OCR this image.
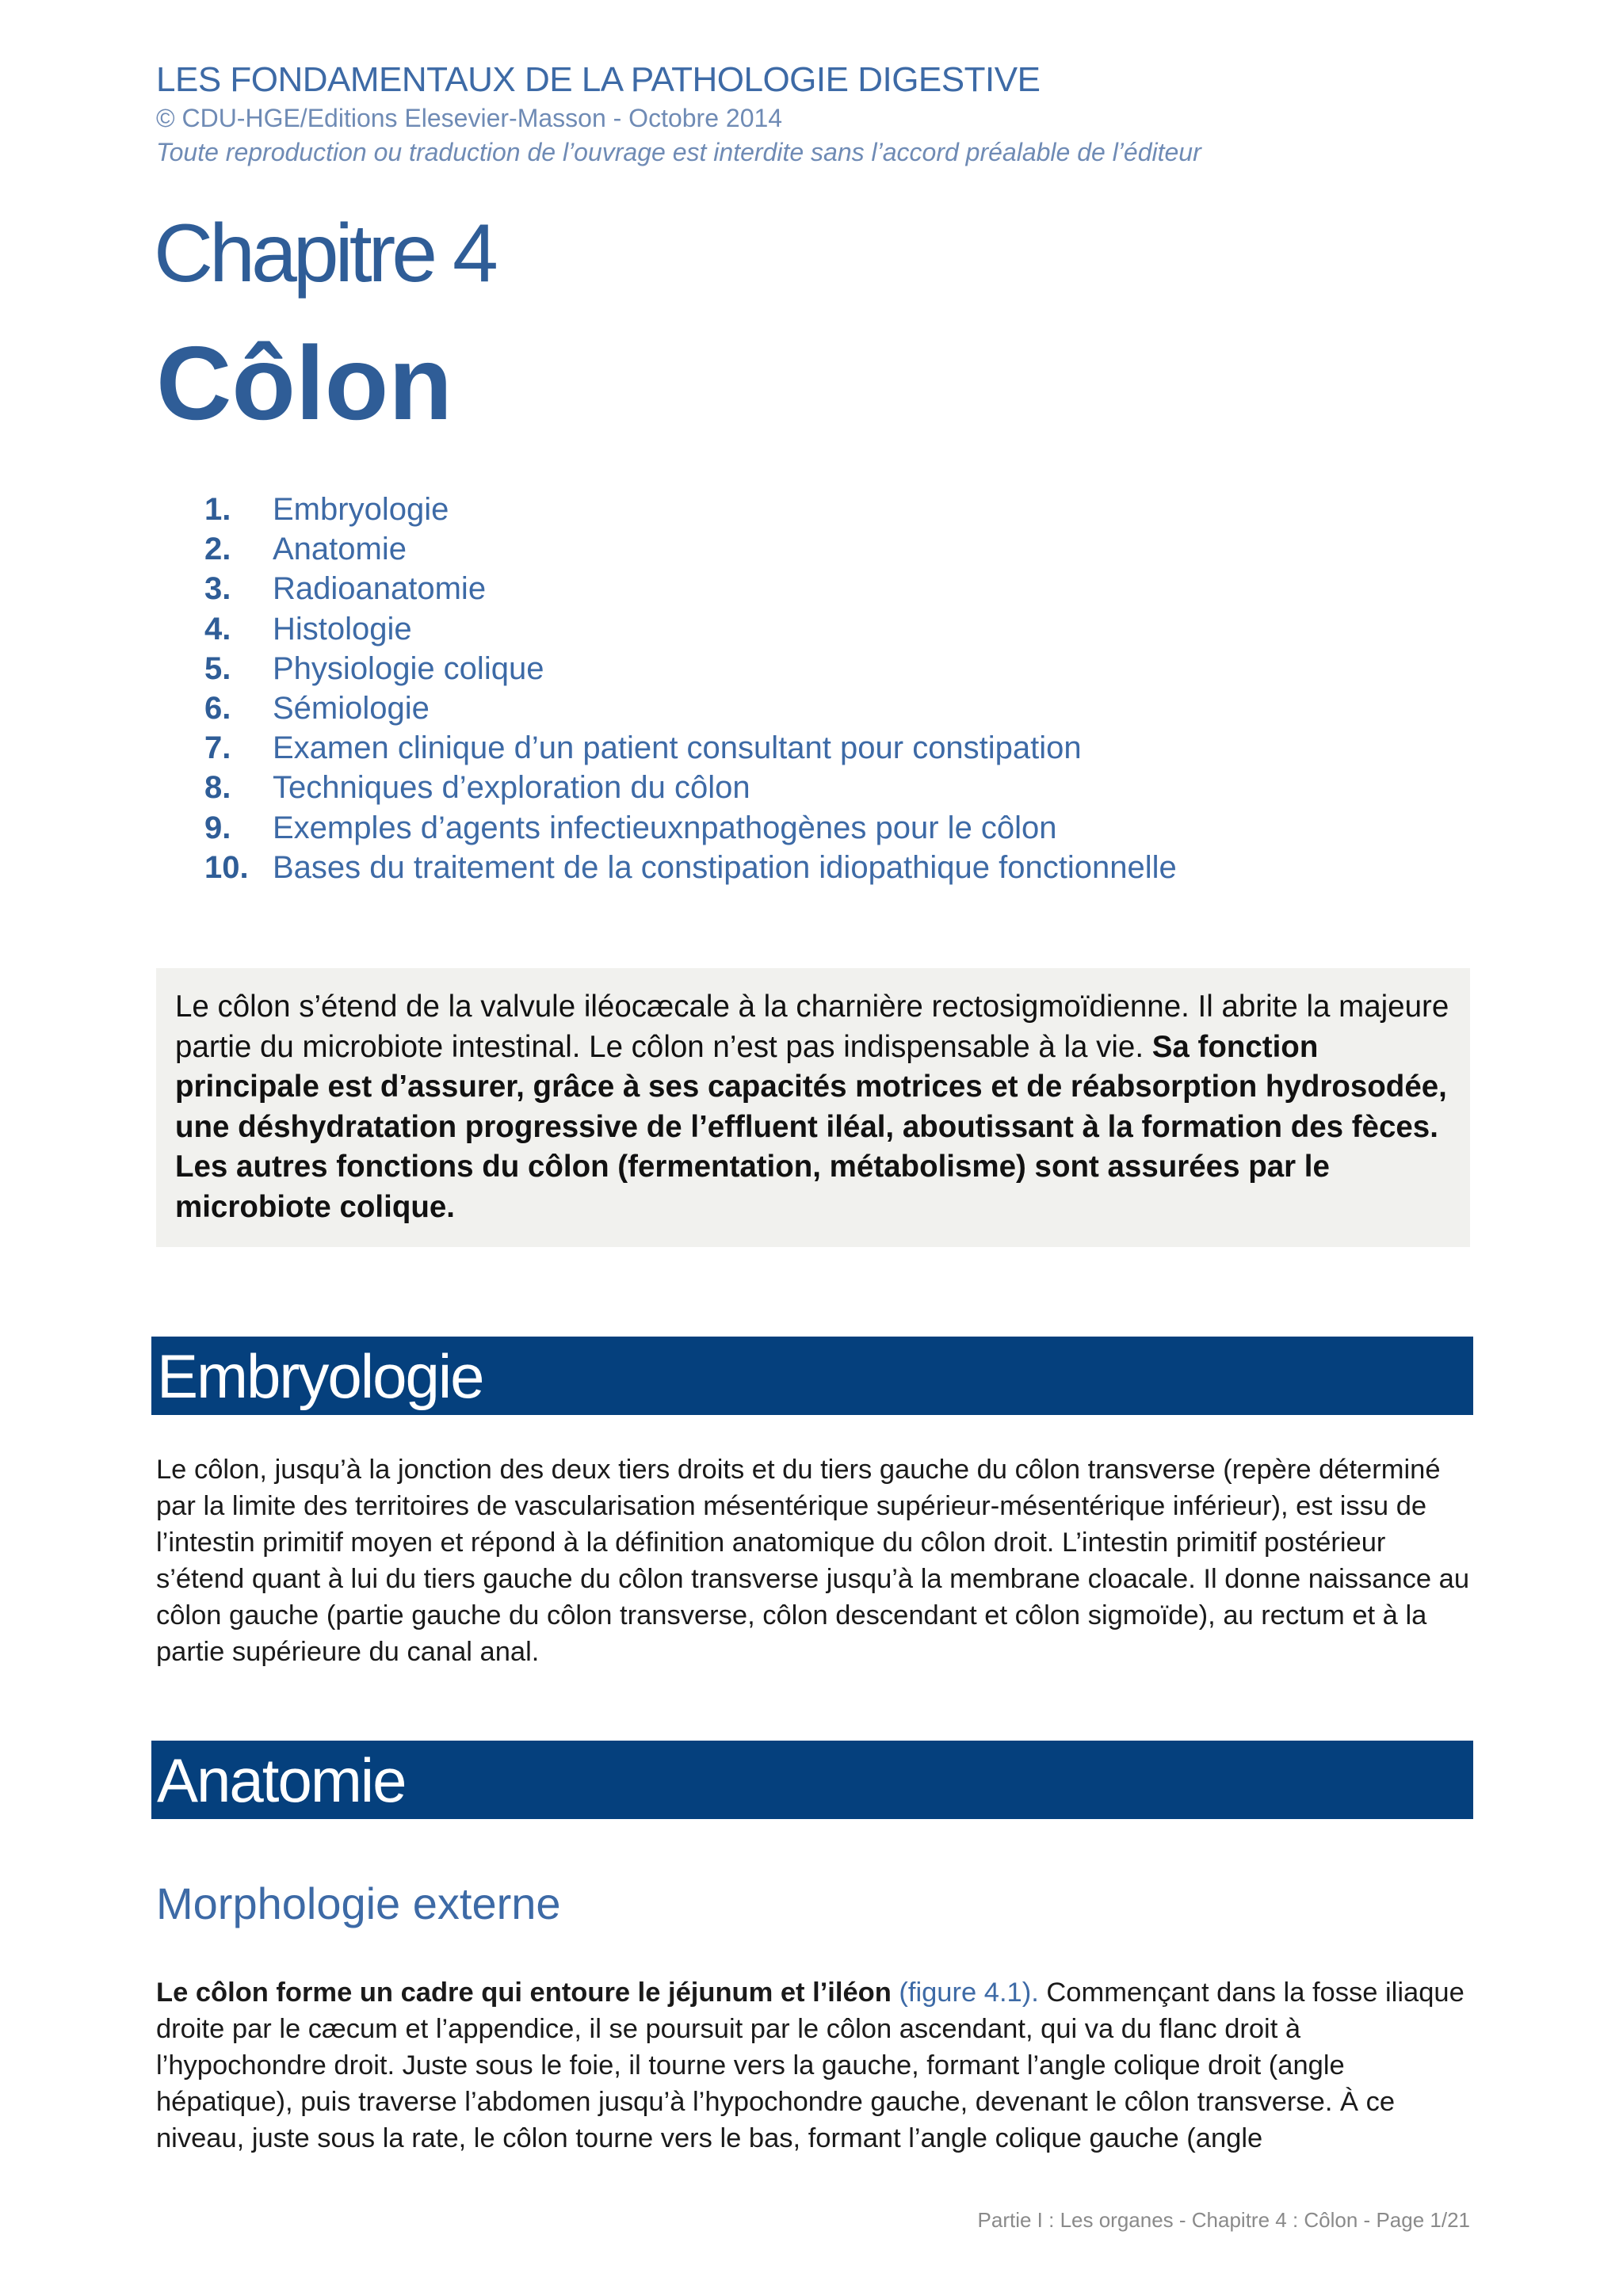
LES FONDAMENTAUX DE LA PATHOLOGIE DIGESTIVE
© CDU-HGE/Editions Elesevier-Masson - Octobre 2014
Toute reproduction ou traduction de l’ouvrage est interdite sans l’accord préalable de l’éditeur
Chapitre 4
Côlon
1. Embryologie
2. Anatomie
3. Radioanatomie
4. Histologie
5. Physiologie colique
6. Sémiologie
7. Examen clinique d’un patient consultant pour constipation
8. Techniques d’exploration du côlon
9. Exemples d’agents infectieuxnpathogènes pour le côlon
10. Bases du traitement de la constipation idiopathique fonctionnelle
Le côlon s’étend de la valvule iléocæcale à la charnière rectosigmoïdienne. Il abrite la majeure partie du microbiote intestinal. Le côlon n’est pas indispensable à la vie. Sa fonction principale est d’assurer, grâce à ses capacités motrices et de réabsorption hydrosodée, une déshydratation progressive de l’effluent iléal, aboutissant à la formation des fèces. Les autres fonctions du côlon (fermentation, métabolisme) sont assurées par le microbiote colique.
Embryologie
Le côlon, jusqu’à la jonction des deux tiers droits et du tiers gauche du côlon transverse (repère déterminé par la limite des territoires de vascularisation mésentérique supérieur-mésentérique inférieur), est issu de l’intestin primitif moyen et répond à la définition anatomique du côlon droit. L’intestin primitif postérieur s’étend quant à lui du tiers gauche du côlon transverse jusqu’à la membrane cloacale. Il donne naissance au côlon gauche (partie gauche du côlon transverse, côlon descendant et côlon sigmoïde), au rectum et à la partie supérieure du canal anal.
Anatomie
Morphologie externe
Le côlon forme un cadre qui entoure le jéjunum et l’iléon (figure 4.1). Commençant dans la fosse iliaque droite par le cæcum et l’appendice, il se poursuit par le côlon ascendant, qui va du flanc droit à l’hypochondre droit. Juste sous le foie, il tourne vers la gauche, formant l’angle colique droit (angle hépatique), puis traverse l’abdomen jusqu’à l’hypochondre gauche, devenant le côlon transverse. À ce niveau, juste sous la rate, le côlon tourne vers le bas, formant l’angle colique gauche (angle
Partie I : Les organes - Chapitre 4 : Côlon - Page 1/21
